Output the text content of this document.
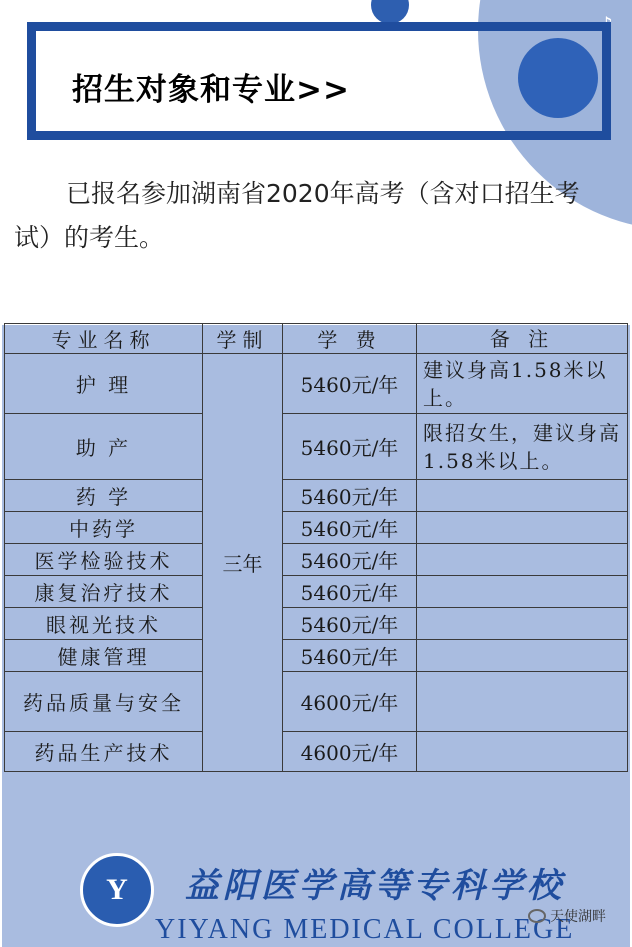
♪
招生对象和专业>>

已报名参加湖南省2020年高考（含对口招生考试）的考生。

专业名称	学制	学 费	备 注
护 理	三年	5460元/年	建议身高1.58米以上。
助 产		5460元/年	限招女生，建议身高1.58米以上。
药 学		5460元/年	
中药学		5460元/年	
医学检验技术		5460元/年	
康复治疗技术		5460元/年	
眼视光技术		5460元/年	
健康管理		5460元/年	
药品质量与安全		4600元/年	
药品生产技术		4600元/年	
Y	益阳医学高等专科学校
YIYANG MEDICAL COLLEGE
天使湖畔
